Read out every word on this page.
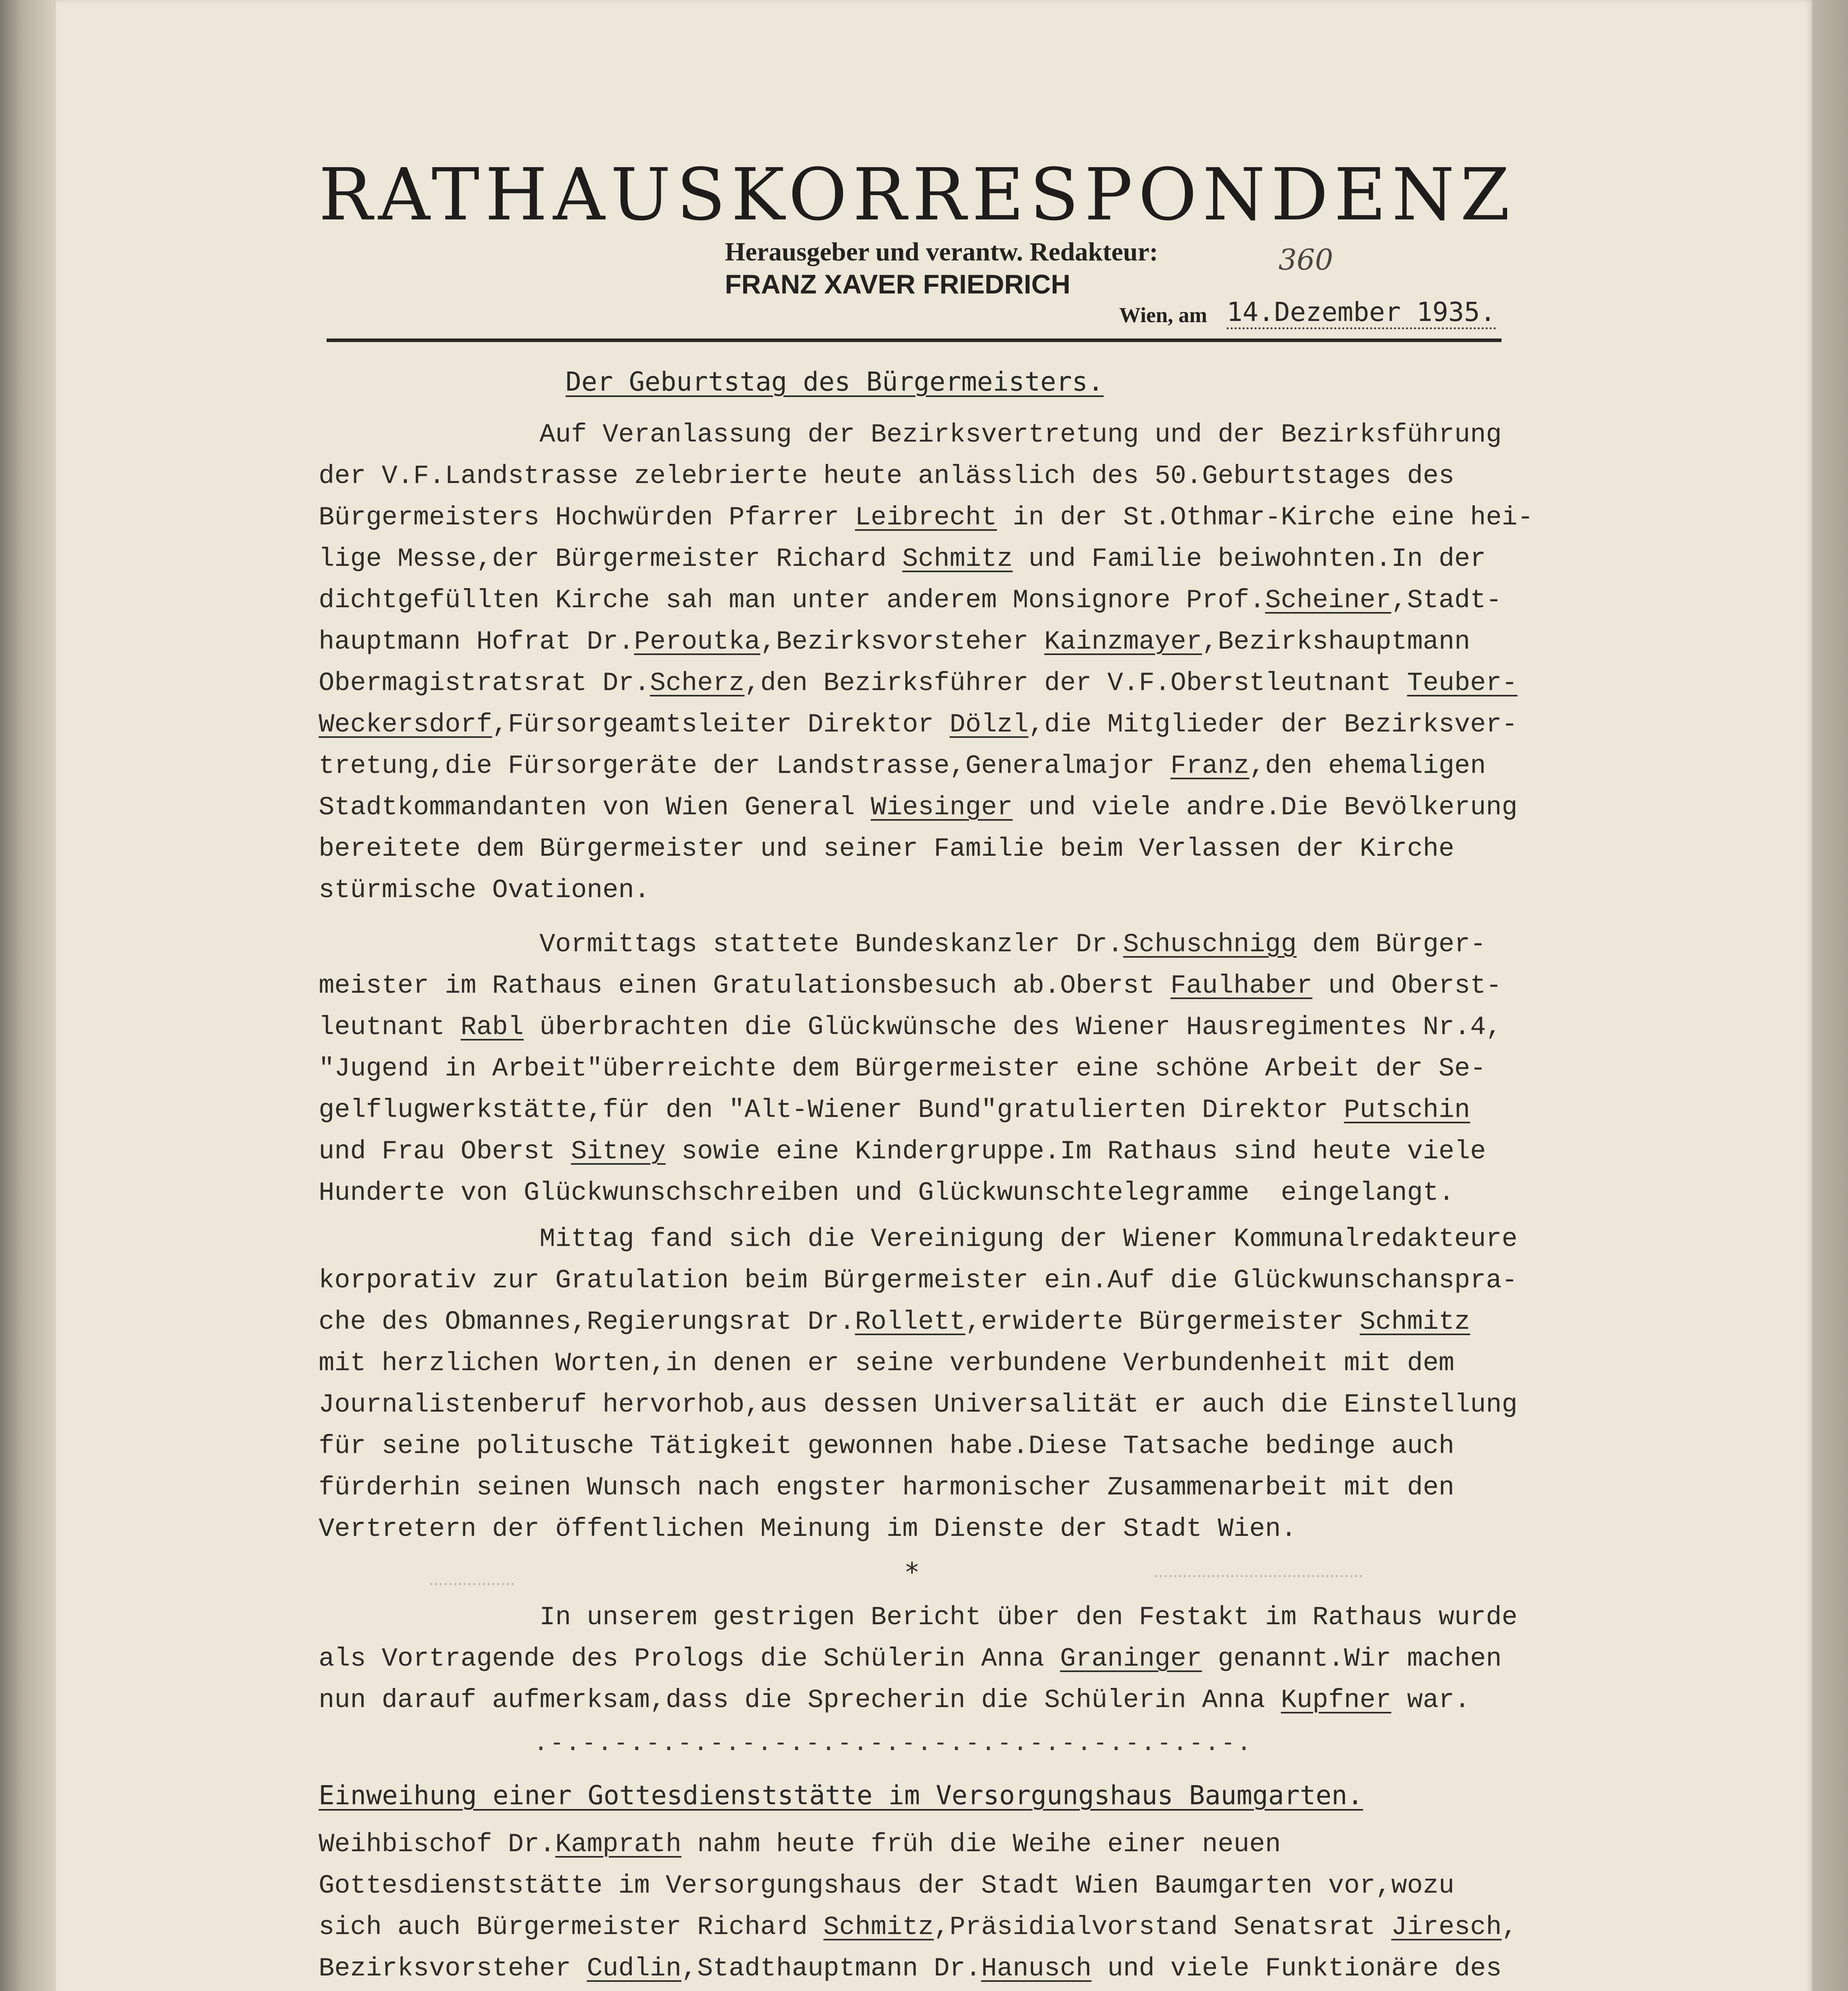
RATHAUSKORRESPONDENZ
Herausgeber und verantw. Redakteur:
FRANZ XAVER FRIEDRICH
360
Wien, am 14.Dezember 1935.
Der Geburtstag des Bürgermeisters.
Auf Veranlassung der Bezirksvertretung und der Bezirksführung
der V.F.Landstrasse zelebrierte heute anlässlich des 50.Geburtstages des
Bürgermeisters Hochwürden Pfarrer Leibrecht in der St.Othmar-Kirche eine hei-
lige Messe,der Bürgermeister Richard Schmitz und Familie beiwohnten.In der
dichtgefüllten Kirche sah man unter anderem Monsignore Prof.Scheiner,Stadt-
hauptmann Hofrat Dr.Peroutka,Bezirksvorsteher Kainzmayer,Bezirkshauptmann
Obermagistratsrat Dr.Scherz,den Bezirksführer der V.F.Oberstleutnant Teuber-
Weckersdorf,Fürsorgeamtsleiter Direktor Dölzl,die Mitglieder der Bezirksver-
tretung,die Fürsorgeräte der Landstrasse,Generalmajor Franz,den ehemaligen
Stadtkommandanten von Wien General Wiesinger und viele andre.Die Bevölkerung
bereitete dem Bürgermeister und seiner Familie beim Verlassen der Kirche
stürmische Ovationen.
Vormittags stattete Bundeskanzler Dr.Schuschnigg dem Bürger-
meister im Rathaus einen Gratulationsbesuch ab.Oberst Faulhaber und Oberst-
leutnant Rabl überbrachten die Glückwünsche des Wiener Hausregimentes Nr.4,
"Jugend in Arbeit"überreichte dem Bürgermeister eine schöne Arbeit der Se-
gelflugwerkstätte,für den "Alt-Wiener Bund"gratulierten Direktor Putschin
und Frau Oberst Sitney sowie eine Kindergruppe.Im Rathaus sind heute viele
Hunderte von Glückwunschschreiben und Glückwunschtelegramme  eingelangt.
Mittag fand sich die Vereinigung der Wiener Kommunalredakteure
korporativ zur Gratulation beim Bürgermeister ein.Auf die Glückwunschanspra-
che des Obmannes,Regierungsrat Dr.Rollett,erwiderte Bürgermeister Schmitz
mit herzlichen Worten,in denen er seine verbundene Verbundenheit mit dem
Journalistenberuf hervorhob,aus dessen Universalität er auch die Einstellung
für seine politusche Tätigkeit gewonnen habe.Diese Tatsache bedinge auch
fürderhin seinen Wunsch nach engster harmonischer Zusammenarbeit mit den
Vertretern der öffentlichen Meinung im Dienste der Stadt Wien.
*
In unserem gestrigen Bericht über den Festakt im Rathaus wurde
als Vortragende des Prologs die Schülerin Anna Graninger genannt.Wir machen
nun darauf aufmerksam,dass die Sprecherin die Schülerin Anna Kupfner war.
.-.-.-.-.-.-.-.-.-.-.-.-.-.-.-.-.-.-.-.-.-.-.
Einweihung einer Gottesdienststätte im Versorgungshaus Baumgarten.
Weihbischof Dr.Kamprath nahm heute früh die Weihe einer neuen
Gottesdienststätte im Versorgungshaus der Stadt Wien Baumgarten vor,wozu
sich auch Bürgermeister Richard Schmitz,Präsidialvorstand Senatsrat Jiresch,
Bezirksvorsteher Cudlin,Stadthauptmann Dr.Hanusch und viele Funktionäre des
